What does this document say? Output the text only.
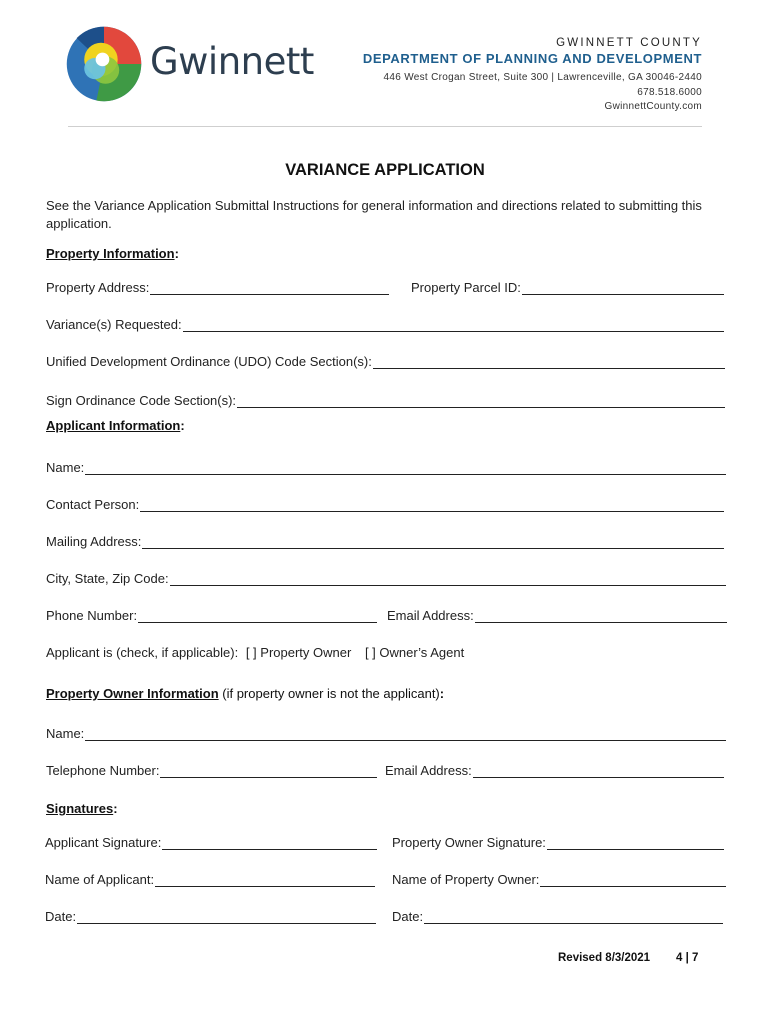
Gwinnett	GWINNETT COUNTY
DEPARTMENT OF PLANNING AND DEVELOPMENT
446 West Crogan Street, Suite 300 | Lawrenceville, GA 30046-2440
678.518.6000
GwinnettCounty.com
VARIANCE APPLICATION
See the Variance Application Submittal Instructions for general information and directions related to submitting this application.
Property Information:
Property Address:	Property Parcel ID:
Variance(s) Requested:
Unified Development Ordinance (UDO) Code Section(s):
Sign Ordinance Code Section(s):
Applicant Information:
Name:
Contact Person:
Mailing Address:
City, State, Zip Code:
Phone Number:	Email Address:
Applicant is (check, if applicable): [ ] Property Owner [ ] Owner’s Agent
Property Owner Information (if property owner is not the applicant):
Name:
Telephone Number:	Email Address:
Signatures:
Applicant Signature:	Property Owner Signature:
Name of Applicant:	Name of Property Owner:
Date:	Date:
Revised 8/3/2021 4 | 7
